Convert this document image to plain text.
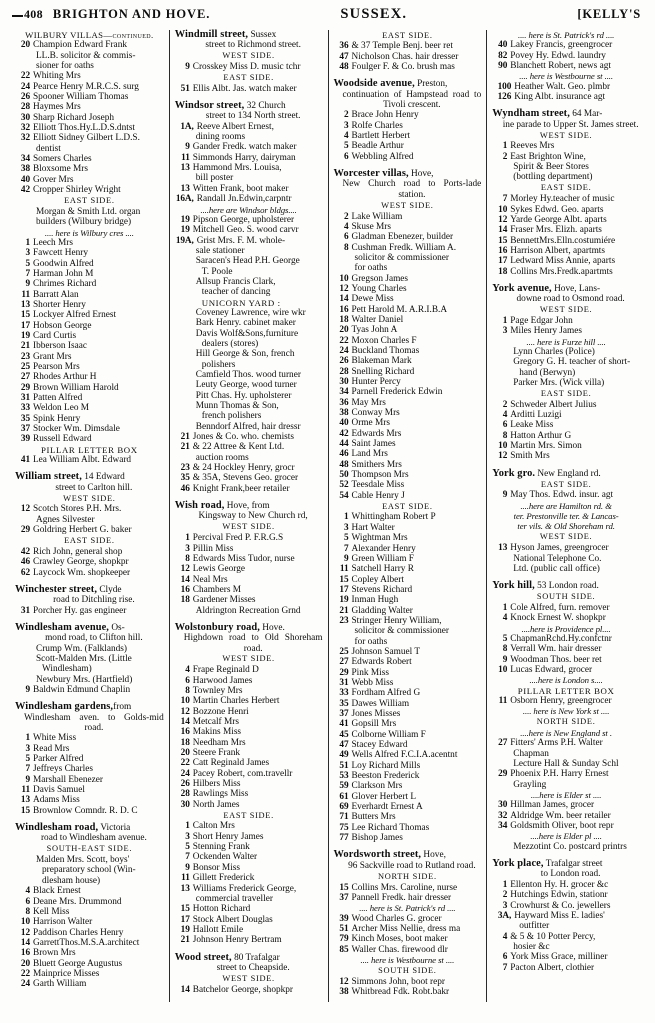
408 BRIGHTON AND HOVE.	SUSSEX.	[KELLY'S
WILBURY VILLAS—continued.
20 Champion Edward Frank
LL.B. solicitor & commis-
sioner for oaths
22 Whiting Mrs
24 Pearce Henry M.R.C.S. surg
26 Spooner William Thomas
28 Haymes Mrs
30 Sharp Richard Joseph
32 Elliott Thos.Hy.L.D.S.dntst
32 Elliott Sidney Gilbert L.D.S.
dentist
34 Somers Charles
38 Bloxsome Mrs
40 Gover Mrs
42 Cropper Shirley Wright
EAST SIDE.
Morgan & Smith Ltd. organ
builders (Wilbury bridge)
.... here is Wilbury cres ....
1 Leech Mrs
3 Fawcett Henry
5 Goodwin Alfred
7 Harman John M
9 Chrimes Richard
11 Barratt Alan
13 Shorter Henry
15 Lockyer Alfred Ernest
17 Hobson George
19 Card Curtis
21 Ibberson Isaac
23 Grant Mrs
25 Pearson Mrs
27 Rhodes Arthur H
29 Brown William Harold
31 Patten Alfred
33 Weldon Leo M
35 Spink Henry
37 Stocker Wm. Dimsdale
39 Russell Edward
PILLAR LETTER BOX
41 Lea William Albt. Edward
William street, 14 Edward
street to Carlton hill.
WEST SIDE.
12 Scotch Stores P.H. Mrs.
Agnes Silvester
29 Goldring Herbert G. baker
EAST SIDE.
42 Rich John, general shop
46 Crawley George, shopkpr
62 Laycock Wm. shopkeeper
Winchester street, Clyde
road to Ditchling rise.
31 Porcher Hy. gas engineer
Windlesham avenue, Os-
mond road, to Clifton hill.
Crump Wm. (Falklands)
Scott-Malden Mrs. (Little
Windlesham)
Newbury Mrs. (Hartfield)
9 Baldwin Edmund Chaplin
Windlesham gardens,from
Windlesham aven. to Golds-mid road.
1 White Miss
3 Read Mrs
5 Parker Alfred
7 Jeffreys Charles
9 Marshall Ebenezer
11 Davis Samuel
13 Adams Miss
15 Brownlow Comndr. R. D. C
Windlesham road, Victoria
road to Windlesham avenue.
SOUTH-EAST SIDE.
Malden Mrs. Scott, boys'
preparatory school (Win-
dlesham house)
4 Black Ernest
6 Deane Mrs. Drummond
8 Kell Miss
10 Harrison Walter
12 Paddison Charles Henry
14 GarrettThos.M.S.A.architect
16 Brown Mrs
20 Bluett George Augustus
22 Mainprice Misses
24 Garth William
Windmill street, Sussex
street to Richmond street.
WEST SIDE.
9 Crosskey Miss D. music tchr
EAST SIDE.
51 Ellis Albt. Jas. watch maker
Windsor street, 32 Church
street to 134 North street.
1A, Reeve Albert Ernest,
dining rooms
9 Gander Fredk. watch maker
11 Simmonds Harry, dairyman
13 Hammond Mrs. Louisa,
bill poster
13 Witten Frank, boot maker
16A, Randall Jn.Edwin,carpntr
....here are Windsor bldgs....
19 Pipson George, upholsterer
19 Mitchell Geo. S. wood carvr
19A, Grist Mrs. F. M. whole-
sale stationer
Saracen's Head P.H. George
T. Poole
Allsup Francis Clark,
teacher of dancing
UNICORN YARD :
Coveney Lawrence, wire wkr
Bark Henry. cabinet maker
Davis Wolf&Sons,furniture
dealers (stores)
Hill George & Son, french
polishers
Camfield Thos. wood turner
Leuty George, wood turner
Pitt Chas. Hy. upholsterer
Munn Thomas & Son,
french polishers
Benndorf Alfred, hair dressr
21 Jones & Co. who. chemists
21 & 22 Attree & Kent Ltd.
auction rooms
23 & 24 Hockley Henry, grocr
35 & 35A, Stevens Geo. grocer
46 Knight Frank,beer retailer
Wish road, Hove, from
Kingsway to New Church rd,
WEST SIDE.
1 Percival Fred P. F.R.G.S
3 Pillin Miss
8 Edwards Miss Tudor, nurse
12 Lewis George
14 Neal Mrs
16 Chambers M
18 Gardener Misses
Aldrington Recreation Grnd
Wolstonbury road, Hove.
Highdown road to Old Shoreham road.
WEST SIDE.
4 Frape Reginald D
6 Harwood James
8 Townley Mrs
10 Martin Charles Herbert
12 Bozzone Henri
14 Metcalf Mrs
16 Makins Miss
18 Needham Mrs
20 Steere Frank
22 Catt Reginald James
24 Pacey Robert, com.travellr
26 Hilbers Miss
28 Rawlings Miss
30 North James
EAST SIDE.
1 Calton Mrs
3 Short Henry James
5 Stenning Frank
7 Ockenden Walter
9 Bonsor Miss
11 Gillett Frederick
13 Williams Frederick George,
commercial traveller
15 Hotton Richard
17 Stock Albert Douglas
19 Hallott Emile
21 Johnson Henry Bertram
Wood street, 80 Trafalgar
street to Cheapside.
WEST SIDE.
14 Batchelor George, shopkpr
EAST SIDE.
36 & 37 Temple Benj. beer ret
47 Nicholson Chas. hair dresser
48 Foulger F. & Co. brush mas
Woodside avenue, Preston,
continuation of Hampstead road to Tivoli crescent.
2 Brace John Henry
3 Rolfe Charles
4 Bartlett Herbert
5 Beadle Arthur
6 Webbling Alfred
Worcester villas, Hove,
New Church road to Ports-lade station.
WEST SIDE.
2 Lake William
4 Skuse Mrs
6 Gladman Ebenezer, builder
8 Cushman Fredk. William A.
solicitor & commissioner
for oaths
10 Gregson James
12 Young Charles
14 Dewe Miss
16 Pett Harold M. A.R.I.B.A
18 Walter Daniel
20 Tyas John A
22 Moxon Charles F
24 Buckland Thomas
26 Blakeman Mark
28 Snelling Richard
30 Hunter Percy
34 Parnell Frederick Edwin
36 May Mrs
38 Conway Mrs
40 Orme Mrs
42 Edwards Mrs
44 Saint James
46 Land Mrs
48 Smithers Mrs
50 Thompson Mrs
52 Teesdale Miss
54 Cable Henry J
EAST SIDE.
1 Whittingham Robert P
3 Hart Walter
5 Wightman Mrs
7 Alexander Henry
9 Green William F
11 Satchell Harry R
15 Copley Albert
17 Stevens Richard
19 Inman Hugh
21 Gladding Walter
23 Stringer Henry William,
solicitor & commissioner
for oaths
25 Johnson Samuel T
27 Edwards Robert
29 Pink Miss
31 Webb Miss
33 Fordham Alfred G
35 Dawes William
37 Jones Misses
41 Gopsill Mrs
45 Colborne William F
47 Stacey Edward
49 Wells Alfred F.C.I.A.acentnt
51 Loy Richard Mills
53 Beeston Frederick
59 Clarkson Mrs
61 Glover Herbert L
69 Everhardt Ernest A
71 Butters Mrs
75 Lee Richard Thomas
77 Bishop James
Wordsworth street, Hove,
96 Sackville road to Rutland road.
NORTH SIDE.
15 Collins Mrs. Caroline, nurse
37 Pannell Fredk. hair dresser
.... here is St. Patrick's rd ....
39 Wood Charles G. grocer
51 Archer Miss Nellie, dress ma
79 Kinch Moses, boot maker
85 Waller Chas. firewood dlr
.... here is Westbourne st ....
SOUTH SIDE.
12 Simmons John, boot repr
38 Whitbread Fdk. Robt.bakr
.... here is St. Patrick's rd ....
40 Lakey Francis, greengrocer
82 Povey Hy. Edwd. laundry
90 Blanchett Robert, news agt
.... here is Westbourne st ....
100 Heather Walt. Geo. plmbr
126 King Albt. insurance agt
Wyndham street, 64 Mar-
ine parade to Upper St. James street.
WEST SIDE.
1 Reeves Mrs
2 East Brighton Wine,
Spirit & Beer Stores
(bottling department)
EAST SIDE.
7 Morley Hy.teacher of music
10 Sykes Edwd. Geo. aparts
12 Yarde George Albt. aparts
14 Fraser Mrs. Elizh. aparts
15 BennettMrs.Elln.costumiére
16 Harrison Albert, apartmts
17 Ledward Miss Annie, aparts
18 Collins Mrs.Fredk.apartmts
York avenue, Hove, Lans-
downe road to Osmond road.
WEST SIDE.
1 Page Edgar John
3 Miles Henry James
.... here is Furze hill ....
Lynn Charles (Police)
Gregory G. H. teacher of short-
hand (Berwyn)
Parker Mrs. (Wick villa)
EAST SIDE.
2 Schweder Albert Julius
4 Arditti Luzigi
6 Leake Miss
8 Hatton Arthur G
10 Martin Mrs. Simon
12 Smith Mrs
York gro. New England rd.
EAST SIDE.
9 May Thos. Edwd. insur. agt
....here are Hamilton rd. &
ter. Prestonville ter. & Lancas-
ter vils. & Old Shoreham rd.
WEST SIDE.
13 Hyson James, greengrocer
National Telephone Co.
Ltd. (public call office)
York hill, 53 London road.
SOUTH SIDE.
1 Cole Alfred, furn. remover
4 Knock Ernest W. shopkpr
....here is Providence pl....
5 ChapmanRchd.Hy.confctnr
8 Verrall Wm. hair dresser
9 Woodman Thos. beer ret
10 Lucas Edward, grocer
....here is London s....
PILLAR LETTER BOX
11 Osborn Henry, greengrocer
.... here is New York st ....
NORTH SIDE.
....here is New England st .
27 Fitters' Arms P.H. Walter
Chapman
Lecture Hall & Sunday Schl
29 Phoenix P.H. Harry Ernest
Grayling
....here is Elder st ....
30 Hillman James, grocer
32 Aldridge Wm. beer retailer
34 Goldsmith Oliver, boot repr
....here is Elder pl ....
Mezzotint Co. postcard printrs
York place, Trafalgar street
to London road.
1 Ellenton Hy. H. grocer &c
2 Hutchings Edwin, stationr
3 Crowhurst & Co. jewellers
3A, Hayward Miss E. ladies'
outfitter
4 & 5 & 10 Potter Percy,
hosier &c
6 York Miss Grace, milliner
7 Pacton Albert, clothier
